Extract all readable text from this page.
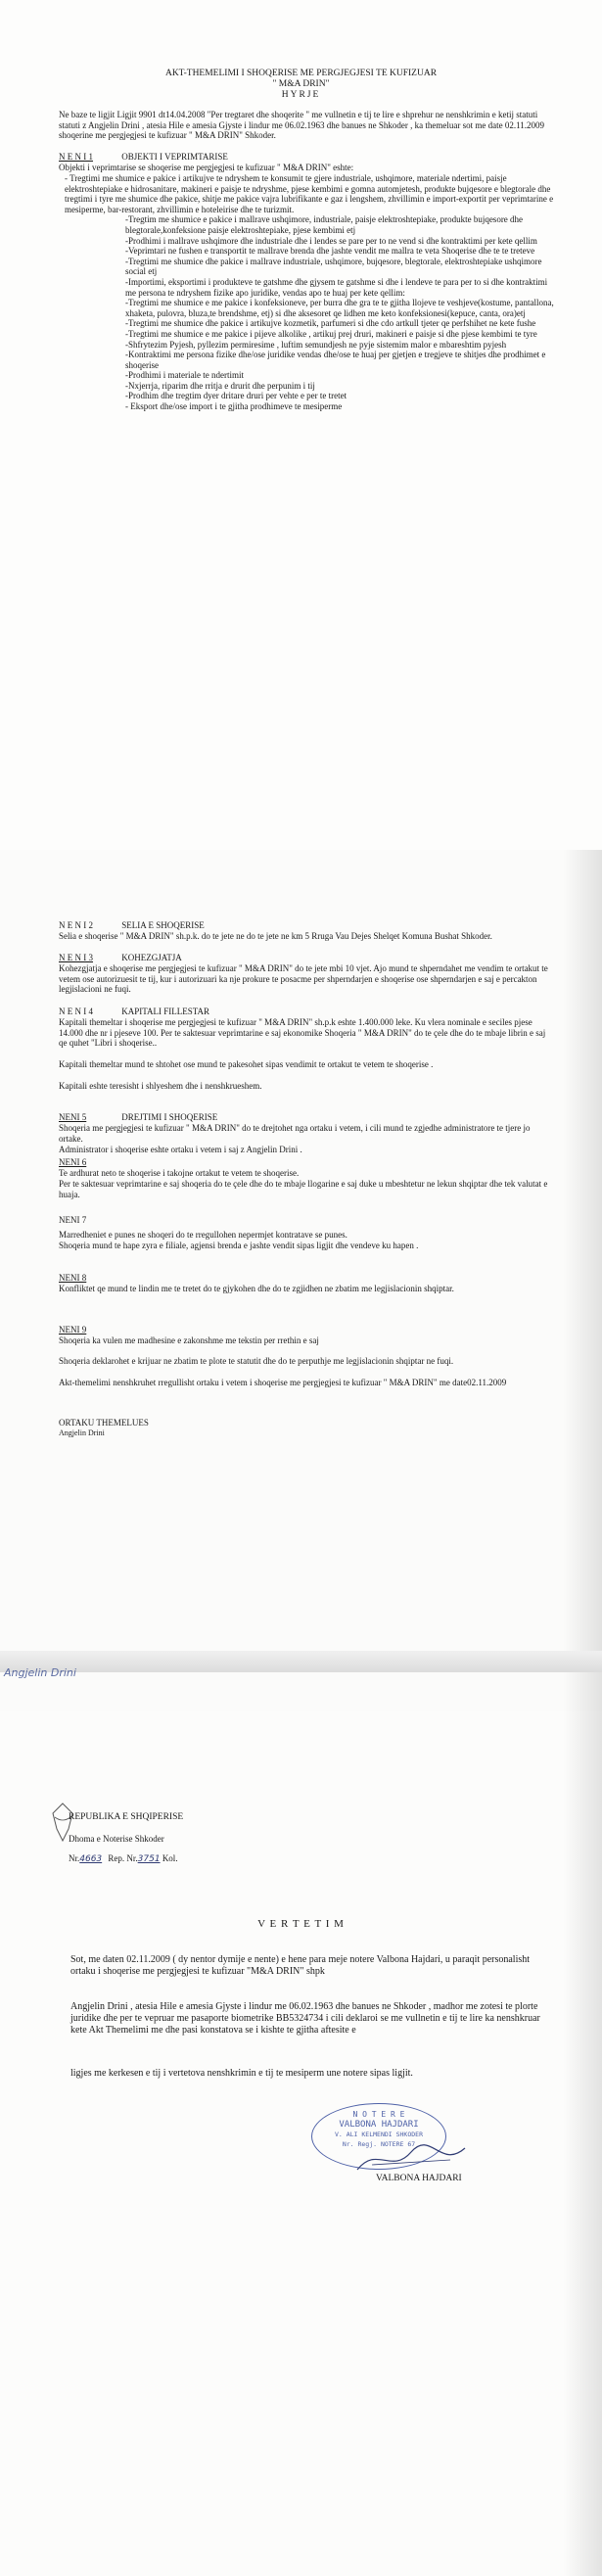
AKT-THEMELIMI I SHOQERISE ME PERGJEGJESI TE KUFIZUAR

" M&A DRIN"

HYRJE

Ne baze te ligjit Ligjit 9901 dt14.04.2008 "Per tregtaret dhe shoqerite " me vullnetin e tij te lire e shprehur ne nenshkrimin e ketij statuti statuti z Angjelin Drini , atesia Hile e amesia Gjyste i lindur me 06.02.1963 dhe banues ne Shkoder , ka themeluar sot me date 02.11.2009 shoqerine me pergjegjesi te kufizuar " M&A DRIN" Shkoder.

N E N I 1	OBJEKTI I VEPRIMTARISE

Objekti i veprimtarise se shoqerise me pergjegjesi te kufizuar " M&A DRIN" eshte:

- Tregtimi me shumice e pakice i artikujve te ndryshem te konsumit te gjere industriale, ushqimore, materiale ndertimi, paisje elektroshtepiake e hidrosanitare, makineri e paisje te ndryshme, pjese kembimi e gomna automjetesh, produkte bujqesore e blegtorale dhe tregtimi i tyre me shumice dhe pakice, shitje me pakice vajra lubrifikante e gaz i lengshem, zhvillimin e import-exportit per veprimtarine e mesiperme, bar-restorant, zhvillimin e hoteleirise dhe te turizmit.

-Tregtim me shumice e pakice i mallrave ushqimore, industriale, paisje elektroshtepiake, produkte bujqesore dhe blegtorale,konfeksione paisje elektroshtepiake, pjese kembimi etj

-Prodhimi i mallrave ushqimore dhe industriale dhe i lendes se pare per to ne vend si dhe kontraktimi per kete qellim

-Veprimtari ne fushen e transportit te mallrave brenda dhe jashte vendit me mallra te veta Shoqerise dhe te te treteve

-Tregtimi me shumice dhe pakice i mallrave industriale, ushqimore, bujqesore, blegtorale, elektroshtepiake ushqimore social etj

-Importimi, eksportimi i produkteve te gatshme dhe gjysem te gatshme si dhe i lendeve te para per to si dhe kontraktimi me persona te ndryshem fizike apo juridike, vendas apo te huaj per kete qellim:

-Tregtimi me shumice e me pakice i konfeksioneve, per burra dhe gra te te gjitha llojeve te veshjeve(kostume, pantallona, xhaketa, pulovra, bluza,te brendshme, etj) si dhe aksesoret qe lidhen me keto konfeksionesi(kepuce, canta, ora)etj

-Tregtimi me shumice dhe pakice i artikujve kozmetik, parfumeri si dhe cdo artkull tjeter qe perfshihet ne kete fushe

-Tregtimi me shumice e me pakice i pijeve alkolike , artikuj prej druri, makineri e paisje si dhe pjese kembimi te tyre

-Shfrytezim Pyjesh, pyllezim permiresime , luftim semundjesh ne pyje sistemim malor e mbareshtim pyjesh

-Kontraktimi me persona fizike dhe/ose juridike vendas dhe/ose te huaj per gjetjen e tregjeve te shitjes dhe prodhimet e shoqerise

-Prodhimi i materiale te ndertimit

-Nxjerrja, riparim dhe rritja e drurit dhe perpunim i tij

-Prodhim dhe tregtim dyer dritare druri per vehte e per te tretet

- Eksport dhe/ose import i te gjitha prodhimeve te mesiperme

N E N I 2	SELIA E SHOQERISE

Selia e shoqerise " M&A DRIN" sh.p.k. do te jete ne do te jete ne km 5 Rruga Vau Dejes Shelqet Komuna Bushat Shkoder.

N E N I 3	KOHEZGJATJA

Kohezgjatja e shoqerise me pergjegjesi te kufizuar " M&A DRIN" do te jete mbi 10 vjet. Ajo mund te shperndahet me vendim te ortakut te vetem ose autorizuesit te tij, kur i autorizuari ka nje prokure te posacme per shperndarjen e shoqerise ose shperndarjen e saj e percakton legjislacioni ne fuqi.

N E N I 4	KAPITALI FILLESTAR

Kapitali themeltar i shoqerise me pergjegjesi te kufizuar " M&A DRIN" sh.p.k eshte 1.400.000 leke. Ku vlera nominale e seciles pjese 14.000 dhe nr i pjeseve 100. Per te saktesuar veprimtarine e saj ekonomike Shoqeria " M&A DRIN" do te çele dhe do te mbaje librin e saj qe quhet "Libri i shoqerise..

Kapitali themeltar mund te shtohet ose mund te pakesohet sipas vendimit te ortakut te vetem te shoqerise .

Kapitali eshte teresisht i shlyeshem dhe i nenshkrueshem.

NENI 5	DREJTIMI I SHOQERISE

Shoqeria me pergjegjesi te kufizuar " M&A DRIN" do te drejtohet nga ortaku i vetem, i cili mund te zgjedhe administratore te tjere jo ortake.

Administrator i shoqerise eshte ortaku i vetem i saj z Angjelin Drini .

NENI 6

Te ardhurat neto te shoqerise i takojne ortakut te vetem te shoqerise.

Per te saktesuar veprimtarine e saj shoqeria do te çele dhe do te mbaje llogarine e saj duke u mbeshtetur ne lekun shqiptar dhe tek valutat e huaja.

NENI 7

Marredheniet e punes ne shoqeri do te rregullohen nepermjet kontratave se punes.

Shoqeria mund te hape zyra e filiale, agjensi brenda e jashte vendit sipas ligjit dhe vendeve ku hapen .

NENI 8

Konfliktet qe mund te lindin me te tretet do te gjykohen dhe do te zgjidhen ne zbatim me legjislacionin shqiptar.

NENI 9

Shoqeria ka vulen me madhesine e zakonshme me tekstin per rrethin e saj

Shoqeria deklarohet e krijuar ne zbatim te plote te statutit dhe do te perputhje me legjislacionin shqiptar ne fuqi.

Akt-themelimi nenshkruhet rregullisht ortaku i vetem i shoqerise me pergjegjesi te kufizuar " M&A DRIN" me date02.11.2009

ORTAKU THEMELUES

Angjelin Drini

Angjelin Drini

REPUBLIKA E SHQIPERISE

Dhoma e Noterise Shkoder

Nr.4663 Rep. Nr.3751 Kol.

V E R T E T I M

Sot, me daten 02.11.2009 ( dy nentor dymije e nente) e hene para meje notere Valbona Hajdari, u paraqit personalisht ortaku i shoqerise me pergjegjesi te kufizuar "M&A DRIN" shpk

Angjelin Drini , atesia Hile e amesia Gjyste i lindur me 06.02.1963 dhe banues ne Shkoder , madhor me zotesi te plorte juridike dhe per te vepruar me pasaporte biometrike BB5324734 i cili deklaroi se me vullnetin e tij te lire ka nenshkruar kete Akt Themelimi me dhe pasi konstatova se i kishte te gjitha aftesite e

ligjes me kerkesen e tij i vertetova nenshkrimin e tij te mesiperm une notere sipas ligjit.

N O T E R E
VALBONA HAJDARI
V. ALI KELMENDI SHKODER
Nr. Regj. NOTERE 67

VALBONA HAJDARI
